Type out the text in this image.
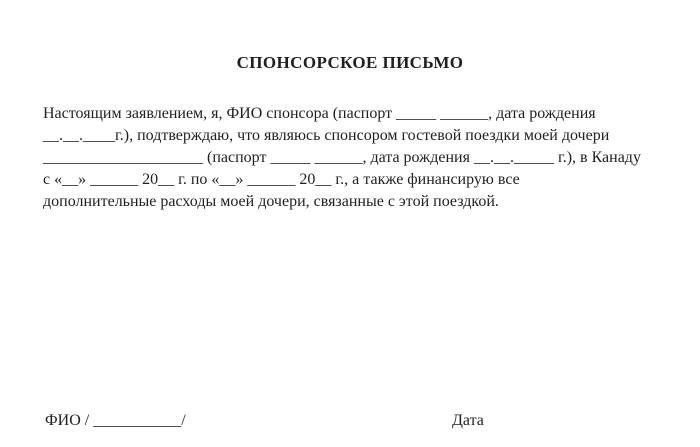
СПОНСОРСКОЕ ПИСЬМО
Настоящим заявлением, я, ФИО спонсора (паспорт _____ ______, дата рождения
__.__.____г.), подтверждаю, что являюсь спонсором гостевой поездки моей дочери
____________________ (паспорт _____ ______, дата рождения __.__._____ г.), в Канаду
с «__» ______ 20__ г. по «__» ______ 20__ г., а также финансирую все
дополнительные расходы моей дочери, связанные с этой поездкой.
ФИО / ___________/	Дата
